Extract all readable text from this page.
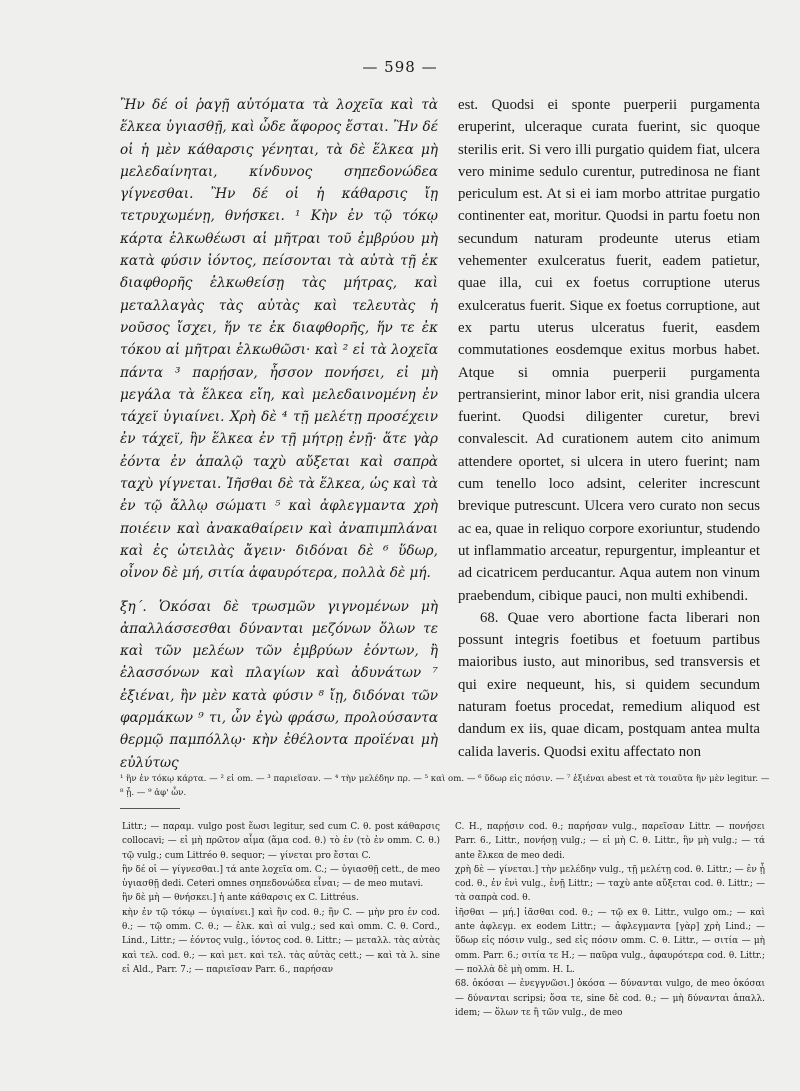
— 598 —

Ἢν δέ οἱ ῥαγῇ αὐτόματα τὰ λοχεῖα καὶ τὰ ἕλκεα ὑγιασθῇ, καὶ ὧδε ἄφορος ἔσται. Ἢν δέ οἱ ἡ μὲν κάθαρσις γένηται, τὰ δὲ ἕλκεα μὴ μελεδαίνηται, κίνδυνος σηπεδονώδεα γίγνεσθαι. Ἢν δέ οἱ ἡ κάθαρσις ἴῃ τετρυχωμένῃ, θνήσκει. ¹ Κὴν ἐν τῷ τόκῳ κάρτα ἑλκωθέωσι αἱ μῆτραι τοῦ ἐμβρύου μὴ κατὰ φύσιν ἰόντος, πείσονται τὰ αὐτὰ τῇ ἐκ διαφθορῆς ἑλκωθείσῃ τὰς μήτρας, καὶ μεταλλαγὰς τὰς αὐτὰς καὶ τελευτὰς ἡ νοῦσος ἴσχει, ἥν τε ἐκ διαφθορῆς, ἥν τε ἐκ τόκου αἱ μῆτραι ἑλκωθῶσι· καὶ ² εἰ τὰ λοχεῖα πάντα ³ παρῄσαν, ἧσσον πονήσει, εἰ μὴ μεγάλα τὰ ἕλκεα εἴη, καὶ μελεδαινομένη ἐν τάχεϊ ὑγιαίνει. Χρὴ δὲ ⁴ τῇ μελέτῃ προσέχειν ἐν τάχεϊ, ἢν ἕλκεα ἐν τῇ μήτρῃ ἐνῇ· ἅτε γὰρ ἐόντα ἐν ἁπαλῷ ταχὺ αὔξεται καὶ σαπρὰ ταχὺ γίγνεται. Ἰῆσθαι δὲ τὰ ἕλκεα, ὡς καὶ τὰ ἐν τῷ ἄλλῳ σώματι ⁵ καὶ ἀφλεγμαντα χρὴ ποιέειν καὶ ἀνακαθαίρειν καὶ ἀναπιμπλάναι καὶ ἐς ὠτειλὰς ἄγειν· διδόναι δὲ ⁶ ὕδωρ, οἶνον δὲ μή, σιτία ἀφαυρότερα, πολλὰ δὲ μή.

ξη΄. Ὁκόσαι δὲ τρωσμῶν γιγνομένων μὴ ἀπαλλάσσεσθαι δύνανται μεζόνων ὅλων τε καὶ τῶν μελέων τῶν ἐμβρύων ἐόντων, ἢ ἐλασσόνων καὶ πλαγίων καὶ ἀδυνάτων ⁷ ἐξιέναι, ἢν μὲν κατὰ φύσιν ⁸ ἴῃ, διδόναι τῶν φαρμάκων ⁹ τι, ὧν ἐγὼ φράσω, προλούσαντα θερμῷ παμπόλλῳ· κὴν ἐθέλοντα προϊέναι μὴ εὐλύτως

est. Quodsi ei sponte puerperii purgamenta eruperint, ulceraque curata fuerint, sic quoque sterilis erit. Si vero illi purgatio quidem fiat, ulcera vero minime sedulo curentur, putredinosa ne fiant periculum est. At si ei iam morbo attritae purgatio continenter eat, moritur. Quodsi in partu foetu non secundum naturam prodeunte uterus etiam vehementer exulceratus fuerit, eadem patietur, quae illa, cui ex foetus corruptione uterus exulceratus fuerit. Sique ex foetus corruptione, aut ex partu uterus ulceratus fuerit, easdem commutationes eosdemque exitus morbus habet. Atque si omnia puerperii purgamenta pertransierint, minor labor erit, nisi grandia ulcera fuerint. Quodsi diligenter curetur, brevi convalescit. Ad curationem autem cito animum attendere oportet, si ulcera in utero fuerint; nam cum tenello loco adsint, celeriter increscunt brevique putrescunt. Ulcera vero curato non secus ac ea, quae in reliquo corpore exoriuntur, studendo ut inflammatio arceatur, repurgentur, impleantur et ad cicatricem perducantur. Aqua autem non vinum praebendum, cibique pauci, non multi exhibendi.

68. Quae vero abortione facta liberari non possunt integris foetibus et foetuum partibus maioribus iusto, aut minoribus, sed transversis et qui exire nequeunt, his, si quidem secundum naturam foetus procedat, remedium aliquod est dandum ex iis, quae dicam, postquam antea multa calida laveris. Quodsi exitu affectato non

¹ ἢν ἐν τόκῳ κάρτα. — ² εἰ om. — ³ παριεῖσαν. — ⁴ τὴν μελέδην πρ. — ⁵ καὶ om. — ⁶ ὕδωρ εἰς πόσιν. — ⁷ ἐξιέναι abest et τὰ τοιαῦτα ἢν μὲν legitur. — ⁸ ᾖ. — ⁹ ἀφ' ὧν.

Littr.; — παραμ. vulgo post ἕωσι legitur, sed cum C. θ. post κάθαρσις collocavi; — εἰ μὴ πρῶτον αἷμα (ἅμα cod. θ.) τὸ ἐν (τὸ ἐν omm. C. θ.) τῷ vulg.; cum Littréo θ. sequor; — γίνεται pro ἔσται C.

ἢν δέ οἱ — γίγνεσθαι.] τά ante λοχεῖα om. C.; — ὑγιασθῇ cett., de meo ὑγιασθῇ dedi. Ceteri omnes σηπεδονώδεα εἶναι; — de meo mutavi.

ἢν δὲ μὴ — θνήσκει.] ἡ ante κάθαρσις ex C. Littréus.

κὴν ἐν τῷ τόκῳ — ὑγιαίνει.] καὶ ἢν cod. θ.; ἢν C. — μὴν pro ἐν cod. θ.; — τῷ omm. C. θ.; — ἑλκ. καὶ αἱ vulg.; sed καὶ omm. C. θ. Cord., Lind., Littr.; — ἐόντος vulg., ἰόντος cod. θ. Littr.; — μεταλλ. τὰς αὐτὰς καὶ τελ. cod. θ.; — καὶ μετ. καὶ τελ. τὰς αὐτὰς cett.; — καὶ τὰ λ. sine εἰ Ald., Parr. 7.; — παριεῖσαν Parr. 6., παρήσαν

C. H., παρῄσιν cod. θ.; παρήσαν vulg., παρεῖσαν Littr. — πονήσει Parr. 6., Littr., πονήσῃ vulg.; — εἰ μὴ C. θ. Littr., ἢν μὴ vulg.; — τά ante ἕλκεα de meo dedi.

χρὴ δὲ — γίνεται.] τὴν μελέδην vulg., τῇ μελέτῃ cod. θ. Littr.; — ἐν ᾗ cod. θ., ἐν ἑνὶ vulg., ἐνῇ Littr.; — ταχὺ ante αὔξεται cod. θ. Littr.; — τὰ σαπρὰ cod. θ.

ἰῆσθαι — μή.] ἰᾶσθαι cod. θ.; — τῷ ex θ. Littr., vulgo om.; — καὶ ante ἀφλεγμ. ex eodem Littr.; — ἀφλεγμαντα [γὰρ] χρὴ Lind.; — ὕδωρ εἰς πόσιν vulg., sed εἰς πόσιν omm. C. θ. Littr., — σιτία — μὴ omm. Parr. 6.; σιτία τε H.; — παῦρα vulg., ἀφαυρότερα cod. θ. Littr.; — πολλὰ δὲ μὴ omm. H. L.

68. ὁκόσαι — ἐνεγγνῶσι.] ὁκόσα — δύνανται vulgo, de meo ὁκόσαι — δύνανται scripsi; ὅσα τε, sine δὲ cod. θ.; — μὴ δύνανται ἁπαλλ. idem; — ὅλων τε ἢ τῶν vulg., de meo
